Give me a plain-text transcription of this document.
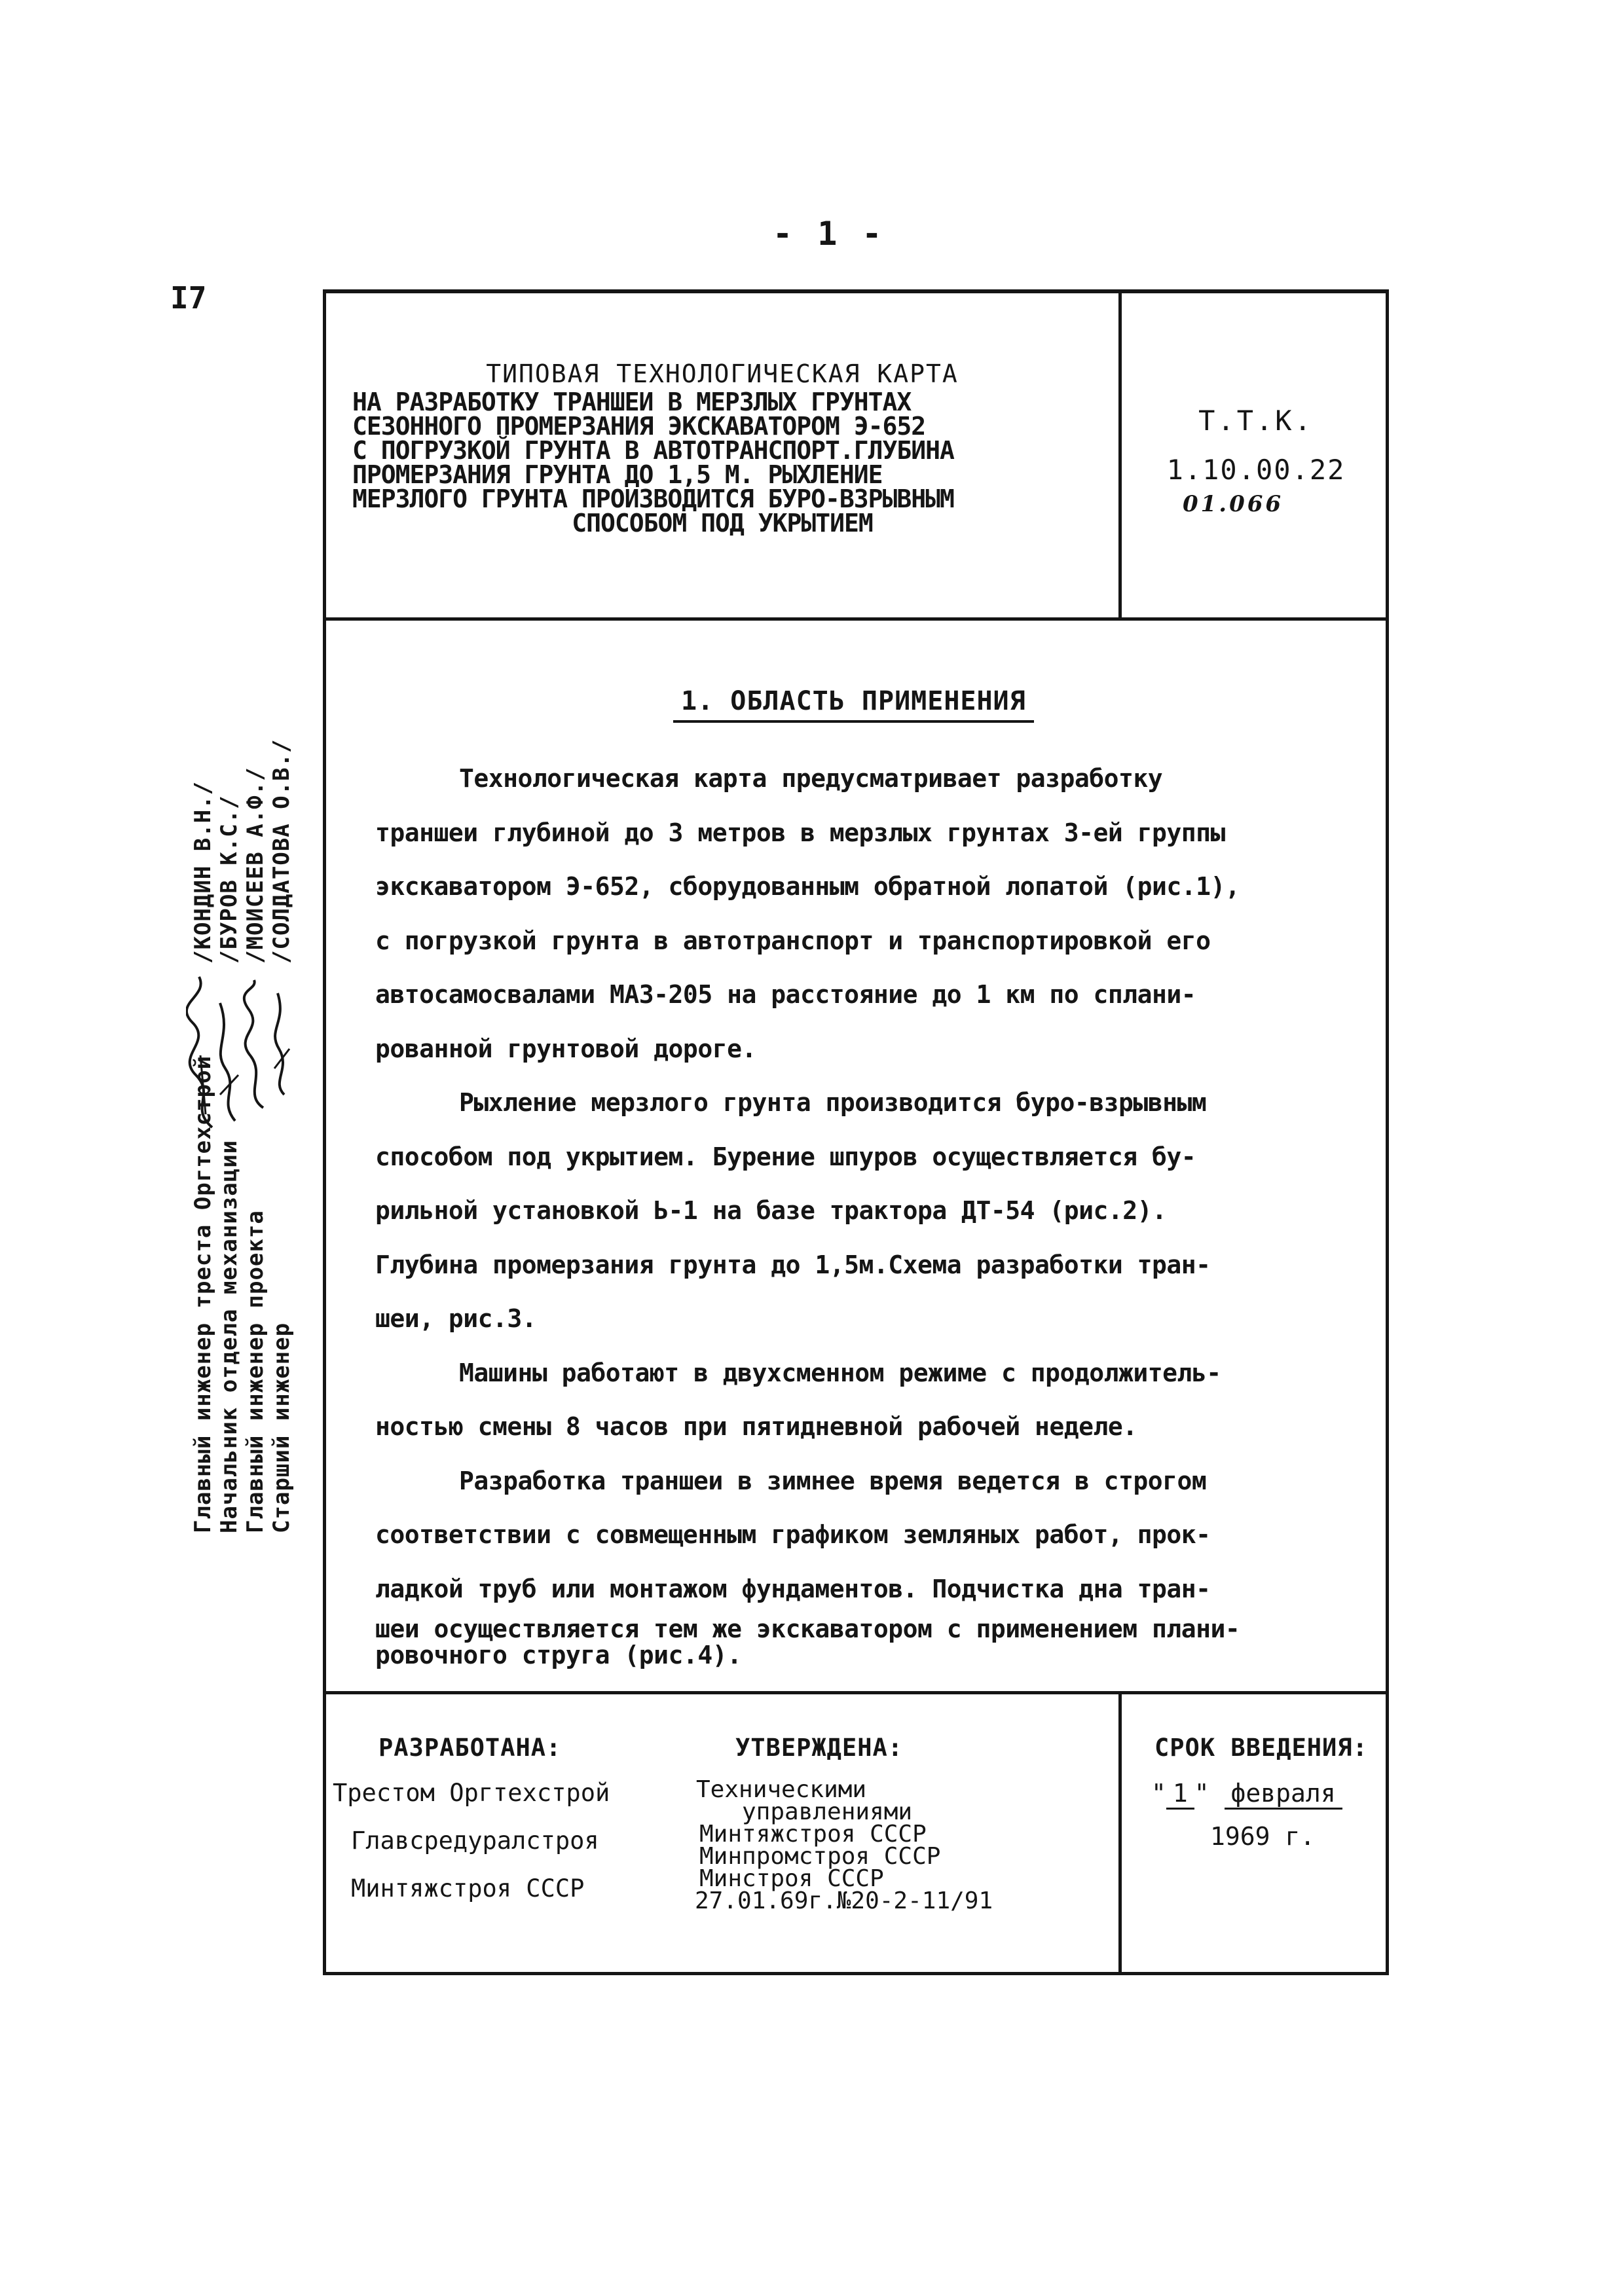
- 1 -
I7
Главный инженер треста Оргтехстрой
/КОНДИН В.Н./
Начальник отдела механизации
/БУРОВ К.С./
Главный инженер проекта
/МОИСЕЕВ А.Ф./
Старший инженер
/СОЛДАТОВА О.В./
ТИПОВАЯ ТЕХНОЛОГИЧЕСКАЯ КАРТА
НА РАЗРАБОТКУ ТРАНШЕИ В МЕРЗЛЫХ ГРУНТАХ
СЕЗОННОГО ПРОМЕРЗАНИЯ ЭКСКАВАТОРОМ Э-652
С ПОГРУЗКОЙ ГРУНТА В АВТОТРАНСПОРТ.ГЛУБИНА
ПРОМЕРЗАНИЯ ГРУНТА ДО 1,5 М. РЫХЛЕНИЕ
МЕРЗЛОГО ГРУНТА ПРОИЗВОДИТСЯ БУРО-ВЗРЫВНЫМ
СПОСОБОМ ПОД УКРЫТИЕМ
Т.Т.К.
1.10.00.22
01.066
1. ОБЛАСТЬ ПРИМЕНЕНИЯ
Технологическая карта предусматривает разработку
траншеи глубиной до 3 метров в мерзлых грунтах 3-ей группы
экскаватором Э-652, сборудованным обратной лопатой (рис.1),
с погрузкой грунта в автотранспорт и транспортировкой его
автосамосвалами МАЗ-205 на расстояние до 1 км по сплани-
рованной грунтовой дороге.
Рыхление мерзлого грунта производится буро-взрывным
способом под укрытием. Бурение шпуров осуществляется бу-
рильной установкой Ь-1 на базе трактора ДТ-54 (рис.2).
Глубина промерзания грунта до 1,5м.Схема разработки тран-
шеи, рис.3.
Машины работают в двухсменном режиме с продолжитель-
ностью смены 8 часов при пятидневной рабочей неделе.
Разработка траншеи в зимнее время ведется в строгом
соответствии с совмещенным графиком земляных работ, прок-
ладкой труб или монтажом фундаментов. Подчистка дна тран-
шеи осуществляется тем же экскаватором с применением плани-
ровочного струга (рис.4).
РАЗРАБОТАНА:
Трестом Оргтехстрой
Главсредуралстроя
Минтяжстроя СССР
УТВЕРЖДЕНА:
Техническими
управлениями
Минтяжстроя СССР
Минпромстроя СССР
Минстроя СССР
27.01.69г.№20-2-11/91
СРОК ВВЕДЕНИЯ:
" 1 " февраля
1969 г.
